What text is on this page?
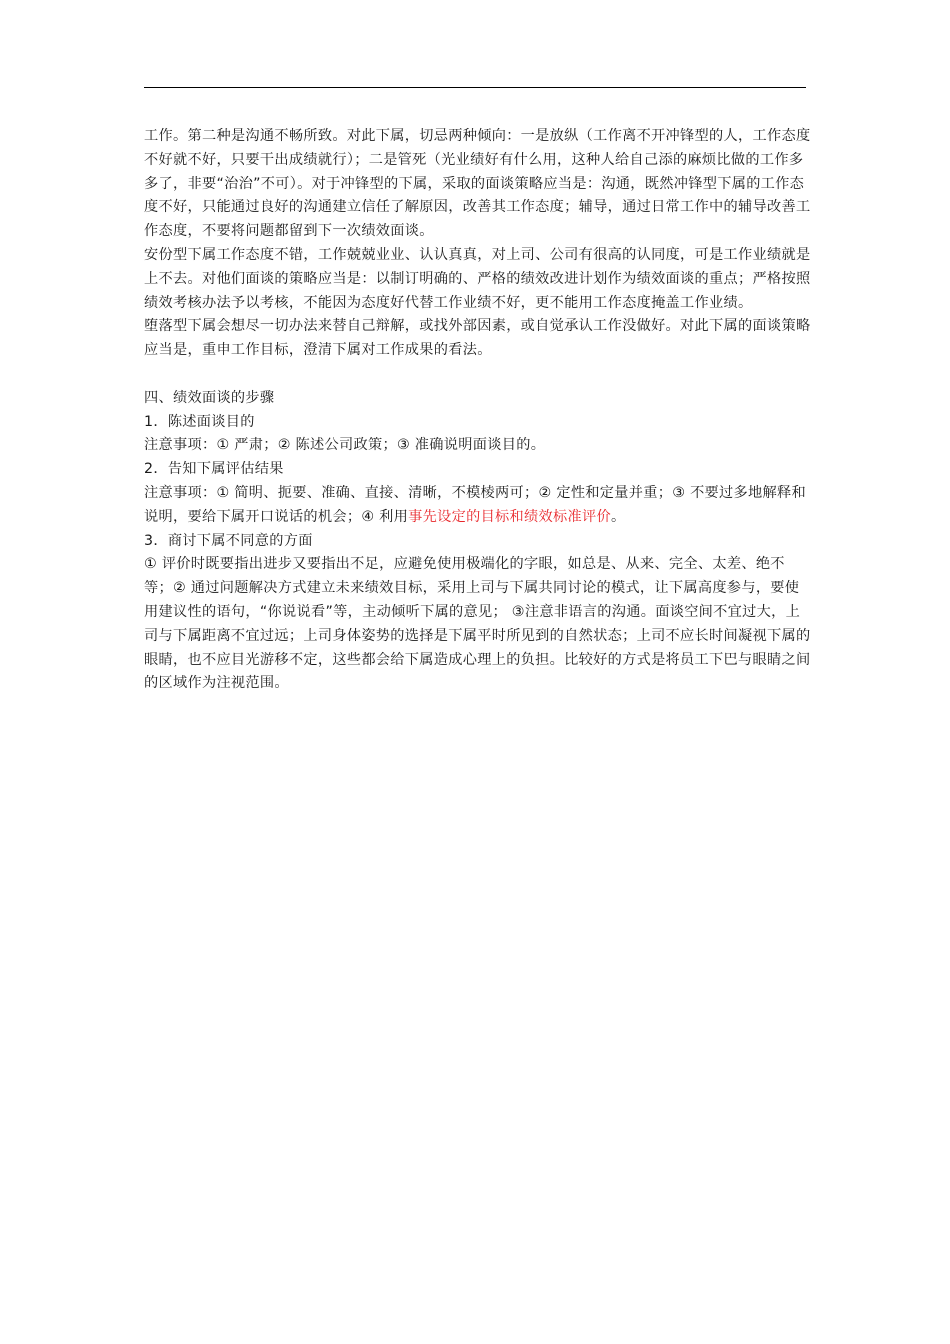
工作。第二种是沟通不畅所致。对此下属，切忌两种倾向：一是放纵（工作离不开冲锋型的人，工作态度不好就不好，只要干出成绩就行）；二是管死（光业绩好有什么用，这种人给自己添的麻烦比做的工作多多了，非要“治治”不可）。对于冲锋型的下属，采取的面谈策略应当是：沟通，既然冲锋型下属的工作态度不好，只能通过良好的沟通建立信任了解原因，改善其工作态度；辅导，通过日常工作中的辅导改善工作态度，不要将问题都留到下一次绩效面谈。

安份型下属工作态度不错，工作兢兢业业、认认真真，对上司、公司有很高的认同度，可是工作业绩就是上不去。对他们面谈的策略应当是：以制订明确的、严格的绩效改进计划作为绩效面谈的重点；严格按照绩效考核办法予以考核，不能因为态度好代替工作业绩不好，更不能用工作态度掩盖工作业绩。

堕落型下属会想尽一切办法来替自己辩解，或找外部因素，或自觉承认工作没做好。对此下属的面谈策略应当是，重申工作目标，澄清下属对工作成果的看法。

四、绩效面谈的步骤

1．陈述面谈目的

注意事项：① 严肃；② 陈述公司政策；③ 准确说明面谈目的。

2．告知下属评估结果

注意事项：① 简明、扼要、准确、直接、清晰，不模棱两可；② 定性和定量并重；③ 不要过多地解释和说明，要给下属开口说话的机会；④ 利用事先设定的目标和绩效标准评价。

3．商讨下属不同意的方面

① 评价时既要指出进步又要指出不足，应避免使用极端化的字眼，如总是、从来、完全、太差、绝不等；② 通过问题解决方式建立未来绩效目标，采用上司与下属共同讨论的模式，让下属高度参与，要使用建议性的语句，“你说说看”等，主动倾听下属的意见； ③注意非语言的沟通。面谈空间不宜过大，上司与下属距离不宜过远；上司身体姿势的选择是下属平时所见到的自然状态；上司不应长时间凝视下属的眼睛，也不应目光游移不定，这些都会给下属造成心理上的负担。比较好的方式是将员工下巴与眼睛之间的区域作为注视范围。
